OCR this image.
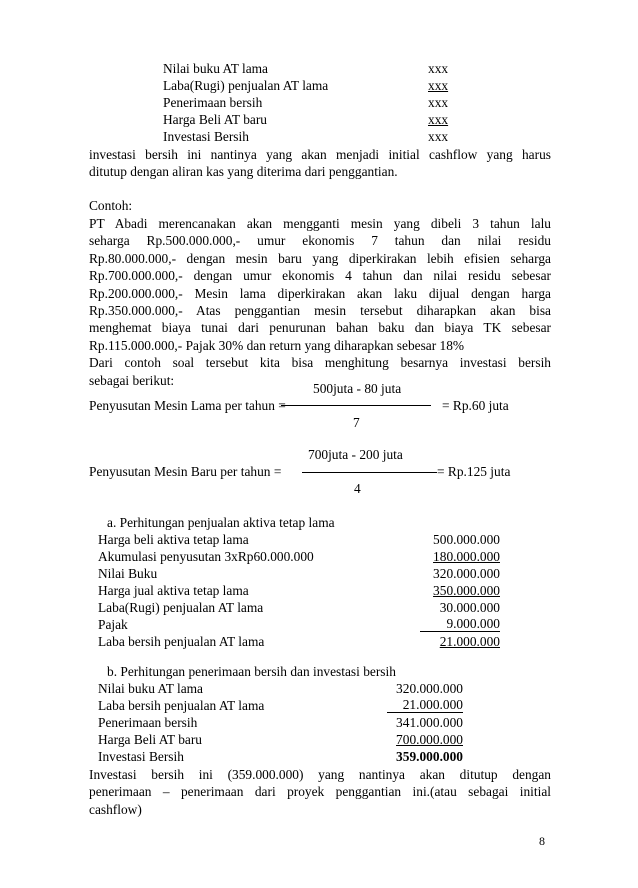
Nilai buku AT lama	xxx
Laba(Rugi) penjualan AT lama	xxx
Penerimaan bersih	xxx
Harga Beli AT baru	xxx
Investasi Bersih	xxx
investasi bersih ini nantinya yang akan menjadi initial cashflow yang harus
ditutup dengan aliran kas yang diterima dari penggantian.
Contoh:
PT Abadi merencanakan akan mengganti mesin yang dibeli 3 tahun lalu
seharga Rp.500.000.000,- umur ekonomis 7 tahun dan nilai residu
Rp.80.000.000,- dengan mesin baru yang diperkirakan lebih efisien seharga
Rp.700.000.000,- dengan umur ekonomis 4 tahun dan nilai residu sebesar
Rp.200.000.000,- Mesin lama diperkirakan akan laku dijual dengan harga
Rp.350.000.000,- Atas penggantian mesin tersebut diharapkan akan bisa
menghemat biaya tunai dari penurunan bahan baku dan biaya TK sebesar
Rp.115.000.000,- Pajak 30% dan return yang diharapkan sebesar 18%
Dari contoh soal tersebut kita bisa menghitung besarnya investasi bersih
sebagai berikut:
500juta - 80 juta
Penyusutan Mesin Lama per tahun =	= Rp.60 juta
7
700juta - 200 juta
Penyusutan Mesin Baru per tahun =	= Rp.125 juta
4
a. Perhitungan penjualan aktiva tetap lama
Harga beli aktiva tetap lama	500.000.000
Akumulasi penyusutan 3xRp60.000.000	180.000.000
Nilai Buku	320.000.000
Harga jual aktiva tetap lama	350.000.000
Laba(Rugi) penjualan AT lama	30.000.000
Pajak	9.000.000
Laba bersih penjualan AT lama	21.000.000
b. Perhitungan penerimaan bersih dan investasi bersih
Nilai buku AT lama	320.000.000
Laba bersih penjualan AT lama	21.000.000
Penerimaan bersih	341.000.000
Harga Beli AT baru	700.000.000
Investasi Bersih	359.000.000
Investasi bersih ini (359.000.000) yang nantinya akan ditutup dengan
penerimaan – penerimaan dari proyek penggantian ini.(atau sebagai initial
cashflow)
8
